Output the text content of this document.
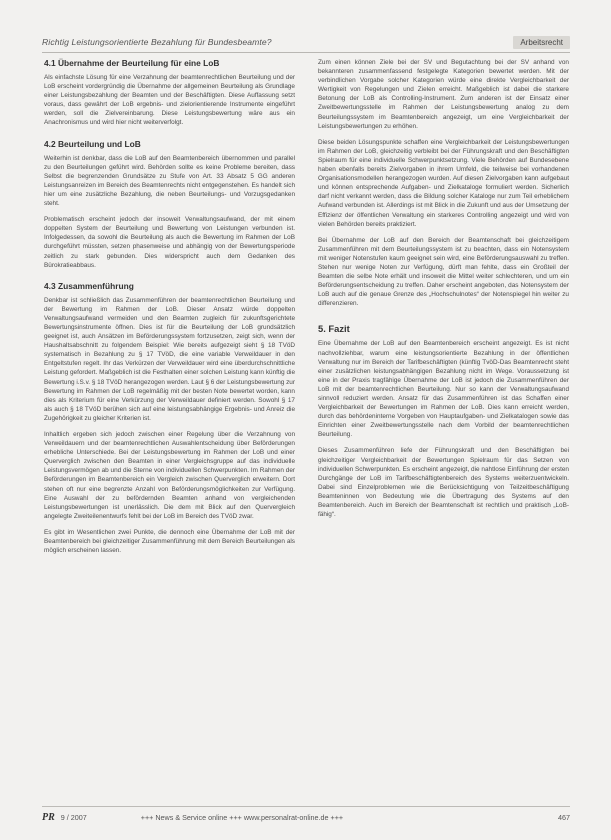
Richtig Leistungsorientierte Bezahlung für Bundesbeamte?	Arbeitsrecht
4.1 Übernahme der Beurteilung für eine LoB

Als einfachste Lösung für eine Verzahnung der beamtenrechtlichen Beurteilung und der LoB erscheint vordergründig die Übernahme der allgemeinen Beurteilung als Grundlage einer Leistungsbezahlung der Beamten und der Beschäftigten. Diese Auffassung setzt voraus, dass gewährt der LoB ergebnis- und zielorientierende Instrumente eingeführt werden, soll die Zielvereinbarung. Diese Leistungsbewertung wäre aus ein Anachronismus und wird hier nicht weiterverfolgt.

4.2 Beurteilung und LoB

Weiterhin ist denkbar, dass die LoB auf den Beamtenbereich übernommen und parallel zu den Beurteilungen geführt wird. Behörden sollte es keine Probleme bereiten, dass Selbst die begrenzenden Grundsätze zu Stufe von Art. 33 Absatz 5 GG anderen Leistungsanreizen im Bereich des Beamtenrechts nicht entgegenstehen. Es handelt sich hier um eine zusätzliche Bezahlung, die neben Beurteilungs- und Vorzugsgedanken steht.

Problematisch erscheint jedoch der insoweit Verwaltungsaufwand, der mit einem doppelten System der Beurteilung und Bewertung von Leistungen verbunden ist. Infolgedessen, da sowohl die Beurteilung als auch die Bewertung im Rahmen der LoB durchgeführt müssten, setzen phasenweise und abhängig von der Bewertungsperiode zeitlich zu stark gebunden. Dies widerspricht auch dem Gedanken des Bürokratieabbaus.

4.3 Zusammenführung

Denkbar ist schließlich das Zusammenführen der beamtenrechtlichen Beurteilung und der Bewertung im Rahmen der LoB. Dieser Ansatz würde doppelten Verwaltungsaufwand vermeiden und den Beamten zugleich für zukunftsgerichtete Bewertungsinstrumente öffnen. Dies ist für die Beurteilung der LoB grundsätzlich geeignet ist, auch Ansätzen im Beförderungssystem fortzusetzen, zeigt sich, wenn der Haushaltsabschnitt zu folgendem Beispiel: Wie bereits aufgezeigt sieht § 18 TVöD systematisch in Bezahlung zu § 17 TVöD, die eine variable Verweildauer in den Entgeltstufen regelt. Ihr das Verkürzen der Verweildauer wird eine überdurchschnittliche Leistung gefordert. Maßgeblich ist die Festhalten einer solchen Leistung kann künftig die Bewertung i.S.v. § 18 TVöD herangezogen werden. Laut § 6 der Leistungsbewertung zur Bewertung im Rahmen der LoB regelmäßig mit der besten Note bewertet worden, kann dies als Kriterium für eine Verkürzung der Verweildauer definiert werden. Sowohl § 17 als auch § 18 TVöD berühen sich auf eine leistungsabhängige Ergebnis- und Anreiz die Zugehörigkeit zu gleicher Kriterien ist.

Inhaltlich ergeben sich jedoch zwischen einer Regelung über die Verzahnung von Verweildauern und der beamtenrechtlichen Auswahlentscheidung über Beförderungen erhebliche Unterschiede. Bei der Leistungsbewertung im Rahmen der LoB und einer Querverglich zwischen den Beamten in einer Vergleichsgruppe auf das individuelle Leistungsvermögen ab und die Sterne von individuellen Schwerpunkten. Im Rahmen der Beförderungen im Beamtenbereich ein Vergleich zwischen Querverglich erweitern. Dort stehen oft nur eine begrenzte Anzahl von Beförderungsmöglichkeiten zur Verfügung. Eine Auswahl der zu befördernden Beamten anhand von vergleichenden Leistungsbewertungen ist unerlässlich. Die dem mit Blick auf den Quervergleich angelegte Zweiteilenentwurfs fehlt bei der LoB im Bereich des TVöD zwar.

Es gibt im Wesentlichen zwei Punkte, die dennoch eine Übernahme der LoB mit der Beamtenbereich bei gleichzeitiger Zusammenführung mit dem Bereich Beurteilungen als möglich erscheinen lassen.

Zum einen können Ziele bei der SV und Begutachtung bei der SV anhand von bekannteren zusammenfassend festgelegte Kategorien bewertet werden. Mit der verbindlichen Vorgabe solcher Kategorien würde eine direkte Vergleichbarkeit der Wertigkeit von Regelungen und Zielen erreicht. Maßgeblich ist dabei die starkere Betonung der LoB als Controlling-Instrument. Zum anderen ist der Einsatz einer Zweitbewertungsstelle im Rahmen der Leistungsbewertung analog zu dem Beurteilungssystem im Beamtenbereich angezeigt, um eine Vergleichbarkeit der Leistungsbewertungen zu erhöhen.

Diese beiden Lösungspunkte schaffen eine Vergleichbarkeit der Leistungsbewertungen im Rahmen der LoB, gleichzeitig verbleibt bei der Führungskraft und den Beschäftigten Spielraum für eine individuelle Schwerpunktsetzung. Viele Behörden auf Bundesebene haben ebenfalls bereits Zielvorgaben in ihrem Umfeld, die teilweise bei vorhandenen Organisationsmodellen herangezogen wurden. Auf diesen Zielvorgaben kann aufgebaut und können entsprechende Aufgaben- und Zielkataloge formuliert werden. Sicherlich darf nicht verkannt werden, dass die Bildung solcher Kataloge nur zum Teil erheblichem Aufwand verbunden ist. Allerdings ist mit Blick in die Zukunft und aus der Umsetzung der Effizienz der öffentlichen Verwaltung ein starkeres Controlling angezeigt und wird von vielen Behörden bereits praktiziert.

Bei Übernahme der LoB auf den Bereich der Beamtenschaft bei gleichzeitigem Zusammenführen mit dem Beurteilungssystem ist zu beachten, dass ein Notensystem mit weniger Notenstufen kaum geeignet sein wird, eine Beförderungsauswahl zu treffen. Stehen nur wenige Noten zur Verfügung, dürft man fehlte, dass ein Großteil der Beamten die selbe Note erhält und insoweit die Mittel weiter schlechteren, und um ein Beförderungsentscheidung zu treffen. Daher erscheint angeboten, das Notensystem der LoB auch auf die genaue Grenze des „Hochschulnotes“ der Notenspiegel hin weiter zu differenzieren.

5. Fazit

Eine Übernahme der LoB auf den Beamtenbereich erscheint angezeigt. Es ist nicht nachvollziehbar, warum eine leistungsorientierte Bezahlung in der öffentlichen Verwaltung nur im Bereich der Tarifbeschäftigten (künftig TvöD-Das Beamtenrecht steht einer zusätzlichen leistungsabhängigen Bezahlung nicht im Wege. Voraussetzung ist eine in der Praxis tragfähige Übernahme der LoB ist jedoch die Zusammenführen der LoB mit der beamtenrechtlichen Beurteilung. Nur so kann der Verwaltungsaufwand sinnvoll reduziert werden. Ansatz für das Zusammenführen ist das Schaffen einer Vergleichbarkeit der Bewertungen im Rahmen der LoB. Dies kann erreicht werden, durch das behördeninterne Vorgeben von Hauptaufgaben- und Zielkatalogen sowie das Einrichten einer Zweitbewertungsstelle nach dem Vorbild der beamtenrechtlichen Beurteilung.

Dieses Zusammenführen liefe der Führungskraft und den Beschäftigten bei gleichzeitiger Vergleichbarkeit der Bewertungen Spielraum für das Setzen von individuellen Schwerpunkten. Es erscheint angezeigt, die nahtlose Einführung der ersten Durchgänge der LoB im Tarifbeschäftigtenbereich des Systems weiterzuentwickeln. Dabei sind Einzelproblemen wie die Berücksichtigung von Teilzeitbeschäftigung Beamteninnen von Bedeutung wie die Übertragung des Systems auf den Beamtenbereich. Auch im Bereich der Beamtenschaft ist rechtlich und praktisch „LoB-fähig“.

PR 9 / 2007	+++ News & Service online +++ www.personalrat-online.de +++	467
